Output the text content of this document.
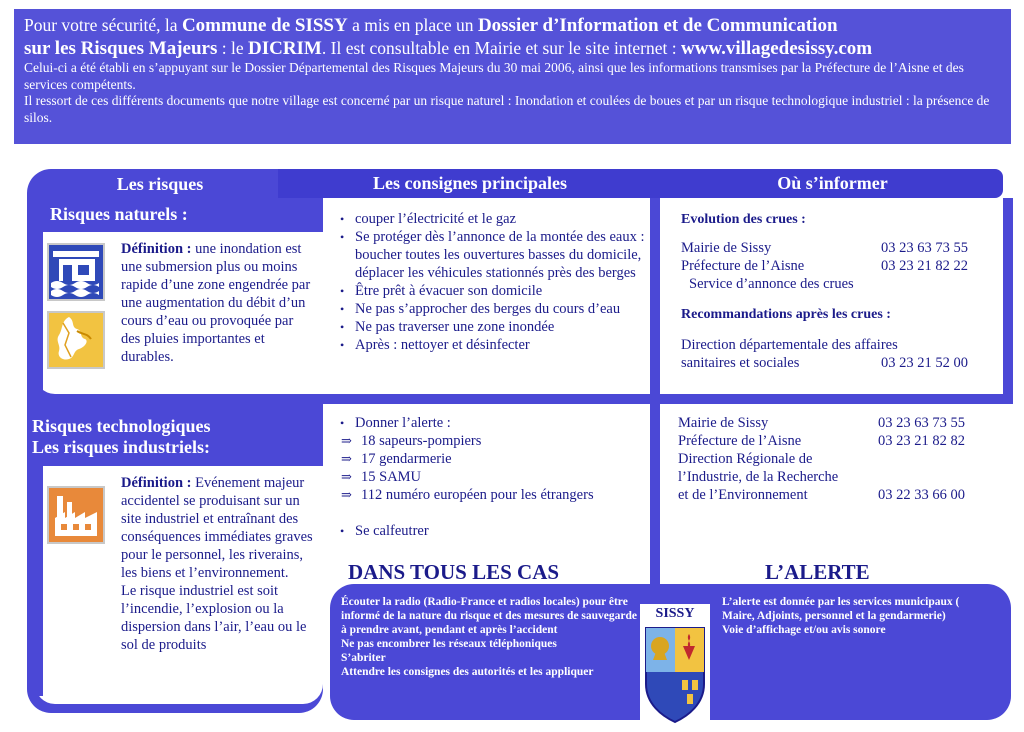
Pour votre sécurité, la Commune de SISSY a mis en place un Dossier d’Information et de Communication
sur les Risques Majeurs : le DICRIM. Il est consultable en Mairie et sur le site internet : www.villagedesissy.com
Celui-ci a été établi en s’appuyant sur le Dossier Départemental des Risques Majeurs du 30 mai 2006, ainsi que les informations transmises par la Préfecture de l’Aisne et des services compétents.
Il ressort de ces différents documents que notre village est concerné par un risque naturel : Inondation et coulées de boues et par un risque technologique industriel : la présence de silos.
Les consignes principales	Où s’informer
Les risques
Risques naturels :
Définition : une inondation est une submersion plus ou moins rapide d’une zone engendrée par une augmentation du débit d’un cours d’eau ou provoquée par des pluies importantes et durables.
• couper l’électricité et le gaz
• Se protéger dès l’annonce de la montée des eaux : boucher toutes les ouvertures basses du domicile, déplacer les véhicules stationnés près des berges
• Être prêt à évacuer son domicile
• Ne pas s’approcher des berges du cours d’eau
• Ne pas traverser une zone inondée
• Après : nettoyer et désinfecter
Evolution des crues :
Mairie de Sissy	03 23 63 73 55
Préfecture de l’Aisne	03 23 21 82 22
Service d’annonce des crues
Recommandations après les crues :
Direction départementale des affaires
sanitaires et sociales	03 23 21 52 00
Risques technologiques
Les risques industriels:
Définition : Evénement majeur accidentel se produisant sur un site industriel et entraînant des conséquences immédiates graves pour le personnel, les riverains, les biens et l’environnement.
Le risque industriel est soit l’incendie, l’explosion ou la dispersion dans l’air, l’eau ou le sol de produits
• Donner l’alerte :
⇒ 18 sapeurs-pompiers
⇒ 17 gendarmerie
⇒ 15 SAMU
⇒ 112 numéro européen pour les étrangers
• Se calfeutrer
Mairie de Sissy	03 23 63 73 55
Préfecture de l’Aisne	03 23 21 82 82
Direction Régionale de
l’Industrie, de la Recherche
et de l’Environnement	03 22 33 66 00
DANS TOUS LES CAS	L’ALERTE
Écouter la radio (Radio-France et radios locales) pour être informé de la nature du risque et des mesures de sauvegarde à prendre avant, pendant et après l’accident
Ne pas encombrer les réseaux téléphoniques
S’abriter
Attendre les consignes des autorités et les appliquer
L’alerte est donnée par les services municipaux ( Maire, Adjoints, personnel et la gendarmerie)
Voie d’affichage et/ou avis sonore
SISSY
